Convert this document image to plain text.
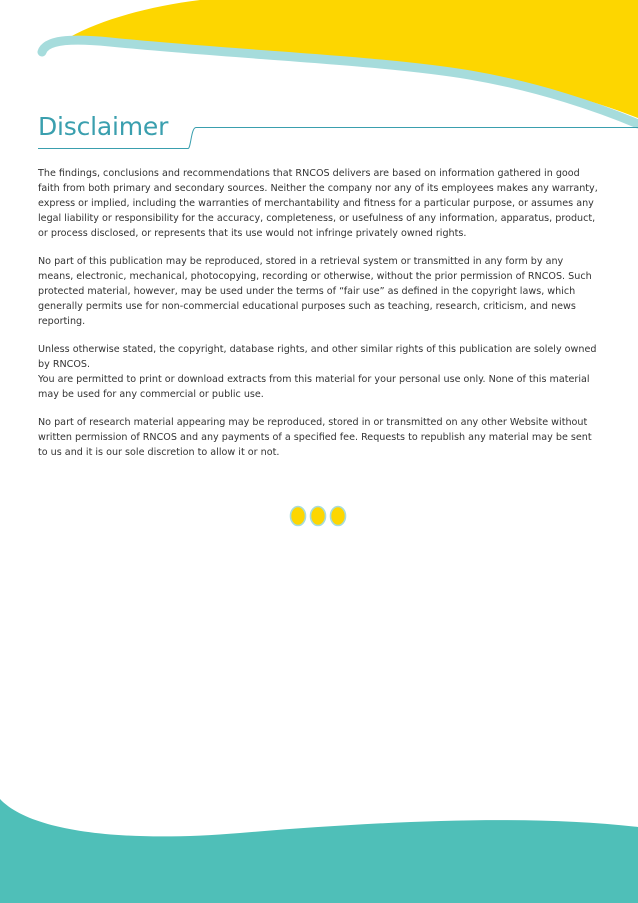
Disclaimer

The findings, conclusions and recommendations that RNCOS delivers are based on information gathered in good faith from both primary and secondary sources. Neither the company nor any of its employees makes any warranty, express or implied, including the warranties of merchantability and fitness for a particular purpose, or assumes any legal liability or responsibility for the accuracy, completeness, or usefulness of any information, apparatus, product, or process disclosed, or represents that its use would not infringe privately owned rights.

No part of this publication may be reproduced, stored in a retrieval system or transmitted in any form by any means, electronic, mechanical, photocopying, recording or otherwise, without the prior permission of RNCOS. Such protected material, however, may be used under the terms of “fair use” as defined in the copyright laws, which generally permits use for non-commercial educational purposes such as teaching, research, criticism, and news reporting.

Unless otherwise stated, the copyright, database rights, and other similar rights of this publication are solely owned by RNCOS.

You are permitted to print or download extracts from this material for your personal use only. None of this material may be used for any commercial or public use.

No part of research material appearing may be reproduced, stored in or transmitted on any other Website without written permission of RNCOS and any payments of a specified fee. Requests to republish any material may be sent to us and it is our sole discretion to allow it or not.
